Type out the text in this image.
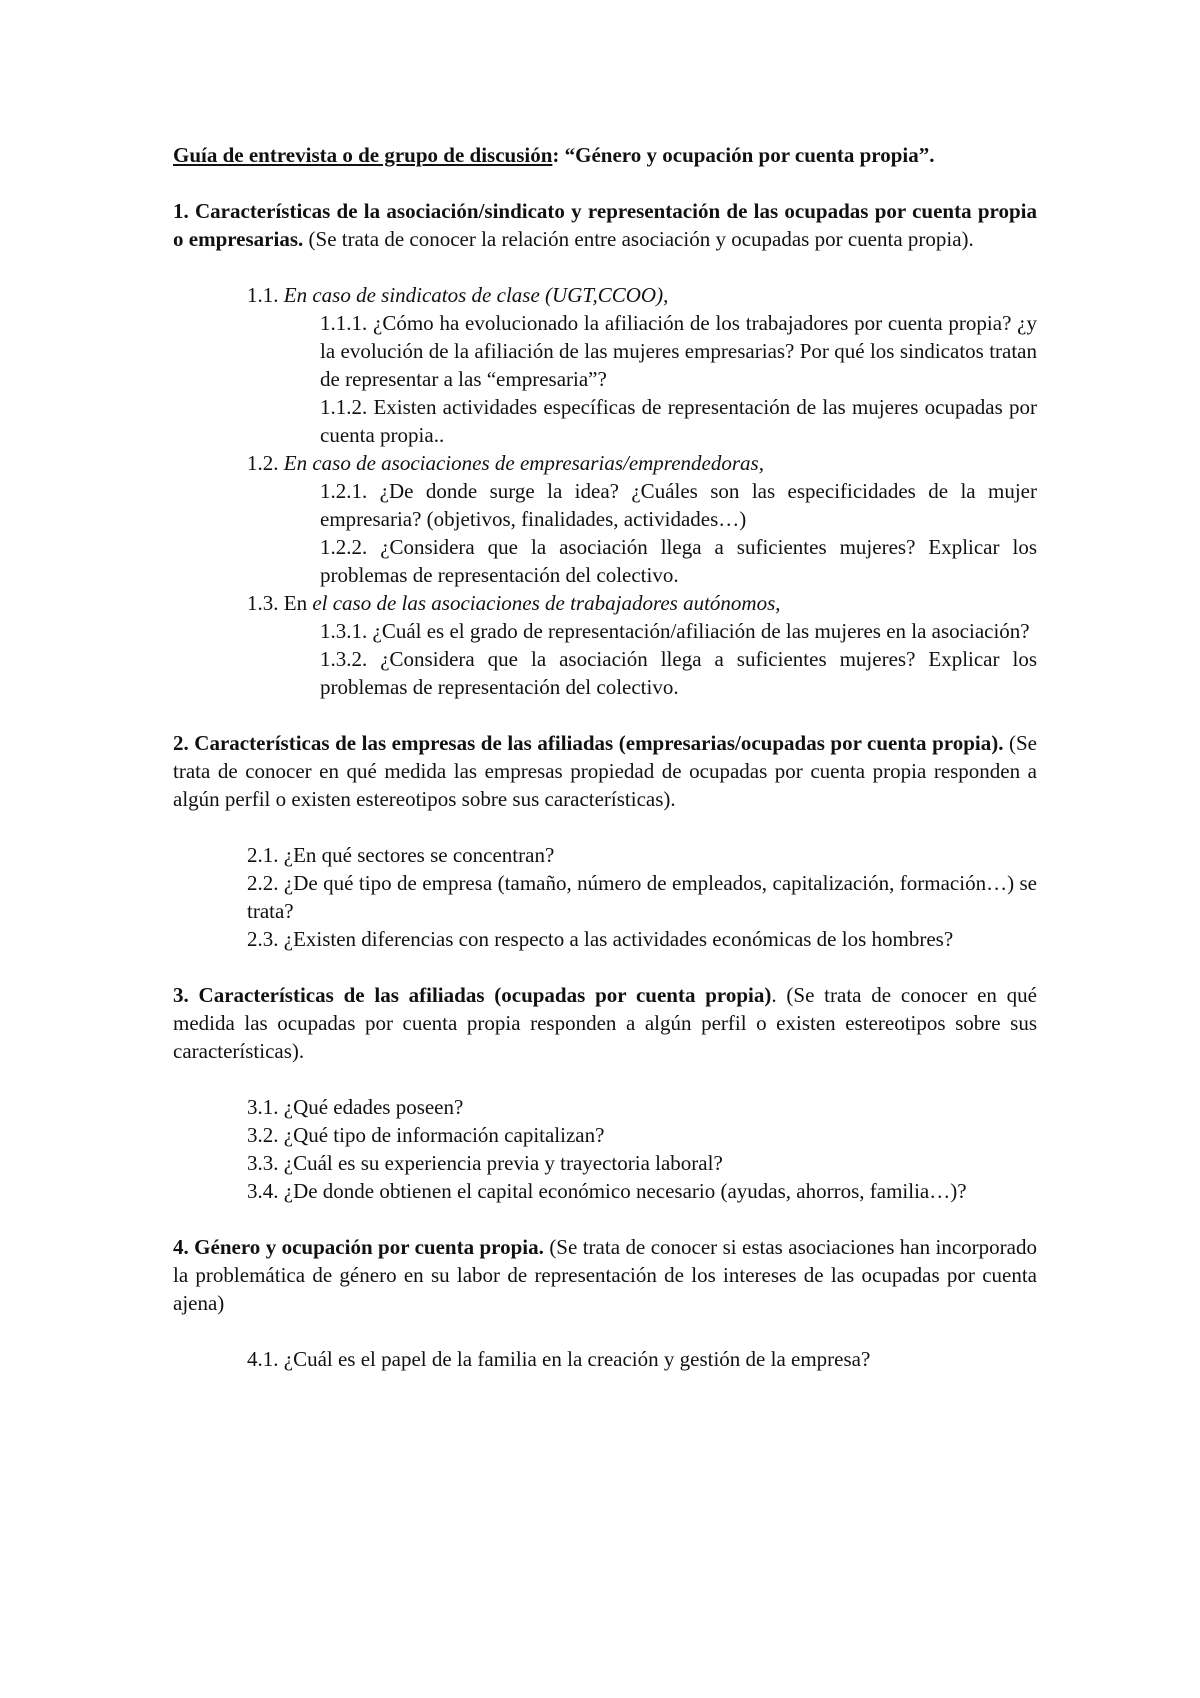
Guía de entrevista o de grupo de discusión: “Género y ocupación por cuenta propia”.

1. Características de la asociación/sindicato y representación de las ocupadas por cuenta propia o empresarias. (Se trata de conocer la relación entre asociación y ocupadas por cuenta propia).

1.1. En caso de sindicatos de clase (UGT,CCOO),

1.1.1. ¿Cómo ha evolucionado la afiliación de los trabajadores por cuenta propia? ¿y la evolución de la afiliación de las mujeres empresarias? Por qué los sindicatos tratan de representar a las “empresaria”?

1.1.2. Existen actividades específicas de representación de las mujeres ocupadas por cuenta propia..

1.2. En caso de asociaciones de empresarias/emprendedoras,

1.2.1. ¿De donde surge la idea? ¿Cuáles son las especificidades de la mujer empresaria? (objetivos, finalidades, actividades…)

1.2.2. ¿Considera que la asociación llega a suficientes mujeres? Explicar los problemas de representación del colectivo.

1.3. En el caso de las asociaciones de trabajadores autónomos,

1.3.1. ¿Cuál es el grado de representación/afiliación de las mujeres en la asociación?

1.3.2. ¿Considera que la asociación llega a suficientes mujeres? Explicar los problemas de representación del colectivo.

2. Características de las empresas de las afiliadas (empresarias/ocupadas por cuenta propia). (Se trata de conocer en qué medida las empresas propiedad de ocupadas por cuenta propia responden a algún perfil o existen estereotipos sobre sus características).

2.1. ¿En qué sectores se concentran?

2.2. ¿De qué tipo de empresa (tamaño, número de empleados, capitalización, formación…) se trata?

2.3. ¿Existen diferencias con respecto a las actividades económicas de los hombres?

3. Características de las afiliadas (ocupadas por cuenta propia). (Se trata de conocer en qué medida las ocupadas por cuenta propia responden a algún perfil o existen estereotipos sobre sus características).

3.1. ¿Qué edades poseen?

3.2. ¿Qué tipo de información capitalizan?

3.3. ¿Cuál es su experiencia previa y trayectoria laboral?

3.4. ¿De donde obtienen el capital económico necesario (ayudas, ahorros, familia…)?

4. Género y ocupación por cuenta propia. (Se trata de conocer si estas asociaciones han incorporado la problemática de género en su labor de representación de los intereses de las ocupadas por cuenta ajena)

4.1. ¿Cuál es el papel de la familia en la creación y gestión de la empresa?
